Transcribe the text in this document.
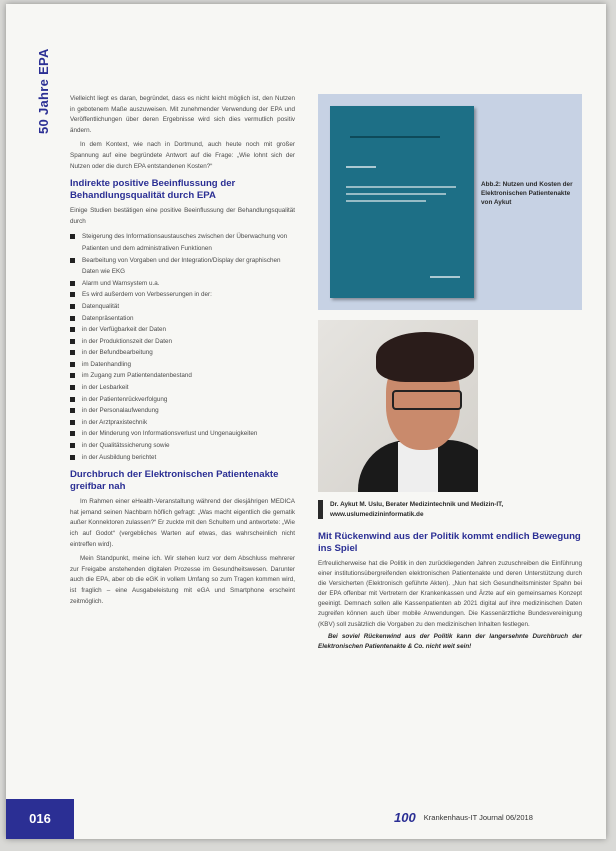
50 Jahre EPA	Vielleicht liegt es daran, begründet, dass es nicht leicht möglich ist, den Nutzen in gebotenem Maße auszuweisen. Mit zunehmender Verwendung der EPA und Veröffentlichungen über deren Ergebnisse wird sich dies vermutlich positiv ändern.

In dem Kontext, wie nach in Dortmund, auch heute noch mit großer Spannung auf eine begründete Antwort auf die Frage: „Wie lohnt sich der Nutzen oder die durch EPA entstandenen Kosten?“

Indirekte positive Beeinflussung der Behandlungsqualität durch EPA

Einige Studien bestätigen eine positive Beeinflussung der Behandlungsqualität durch

Steigerung des Informationsaustausches zwischen der Überwachung von Patienten und dem administrativen Funktionen
Bearbeitung von Vorgaben und der Integration/Display der graphischen Daten wie EKG
Alarm und Warnsystem u.a.
Es wird außerdem von Verbesserungen in der:
Datenqualität
Datenpräsentation
in der Verfügbarkeit der Daten
in der Produktionszeit der Daten
in der Befundbearbeitung
im Datenhandling
im Zugang zum Patientendatenbestand
in der Lesbarkeit
in der Patientenrückverfolgung
in der Personalaufwendung
in der Arztpraxistechnik
in der Minderung von Informationsverlust und Ungenauigkeiten
in der Qualitätssicherung sowie
in der Ausbildung berichtet
Durchbruch der Elektronischen Patientenakte greifbar nah

Im Rahmen einer eHealth-Veranstaltung während der diesjährigen MEDICA hat jemand seinen Nachbarn höflich gefragt: „Was macht eigentlich die gematik außer Konnektoren zulassen?“ Er zuckte mit den Schultern und antwortete: „Wie ich auf Godot“ (vergebliches Warten auf etwas, das wahrscheinlich nicht eintreffen wird).

Mein Standpunkt, meine ich. Wir stehen kurz vor dem Abschluss mehrerer zur Freigabe anstehenden digitalen Prozesse im Gesundheitswesen. Darunter auch die EPA, aber ob die eGK in vollem Umfang so zum Tragen kommen wird, ist fraglich – eine Ausgabeleistung mit eGA und Smartphone erscheint zeitmöglich.

Abb.2: Nutzen und Kosten der Elektronischen Patientenakte von Aykut
Dr. Aykut M. Uslu, Berater Medizintechnik und Medizin-IT, www.uslumedizininformatik.de
Mit Rückenwind aus der Politik kommt endlich Bewegung ins Spiel

Erfreulicherweise hat die Politik in den zurückliegenden Jahren zuzuschreiben die Einführung einer institutionsübergreifenden elektronischen Patientenakte und deren Unterstützung durch die Versicherten (Elektronisch geführte Akten). „Nun hat sich Gesundheitsminister Spahn bei der EPA offenbar mit Vertretern der Krankenkassen und Ärzte auf ein gemeinsames Konzept geeinigt. Demnach sollen alle Kassenpatienten ab 2021 digital auf ihre medizinischen Daten zugreifen können auch über mobile Anwendungen. Die Kassenärztliche Bundesvereinigung (KBV) soll zusätzlich die Vorgaben zu den medizinischen Inhalten festlegen.

Bei soviel Rückenwind aus der Politik kann der langersehnte Durchbruch der Elektronischen Patientenakte & Co. nicht weit sein!

016	100 Krankenhaus-IT Journal 06/2018
